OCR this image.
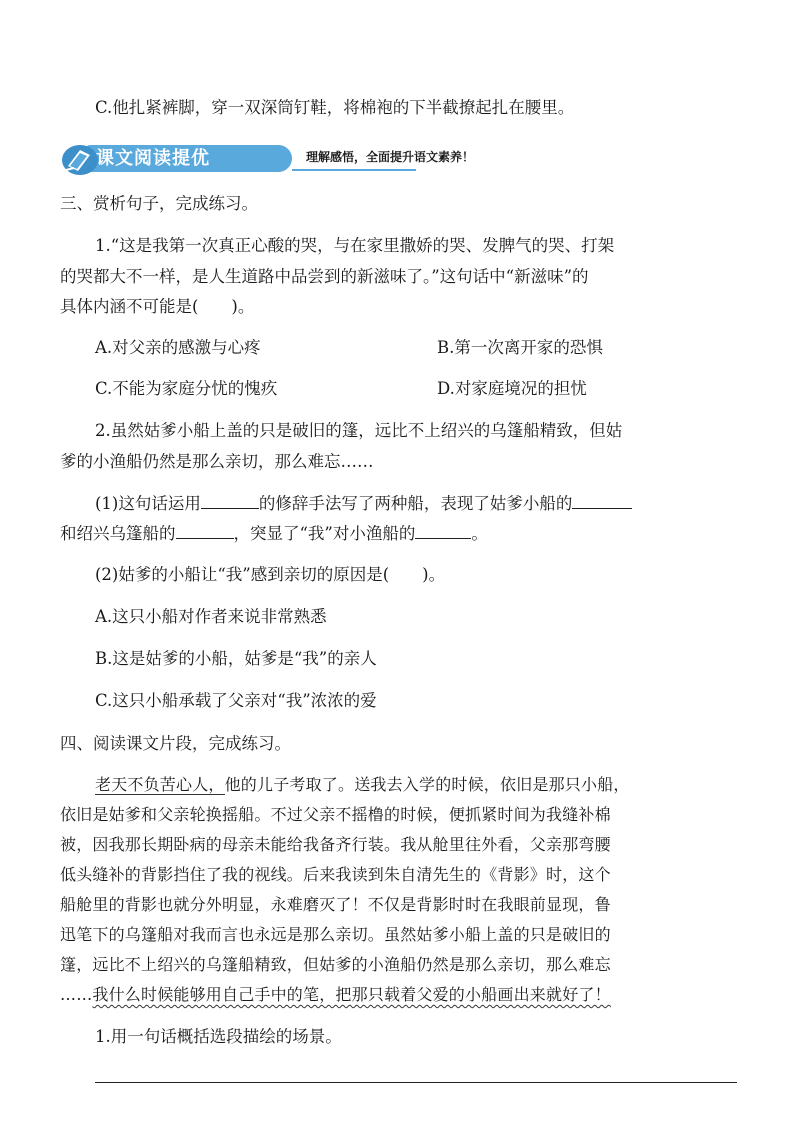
C.他扎紧裤脚，穿一双深筒钉鞋，将棉袍的下半截撩起扎在腰里。
课文阅读提优	理解感悟，全面提升语文素养！
三、赏析句子，完成练习。
1.“这是我第一次真正心酸的哭，与在家里撒娇的哭、发脾气的哭、打架
的哭都大不一样，是人生道路中品尝到的新滋味了。”这句话中“新滋味”的
具体内涵不可能是(　　)。
A.对父亲的感激与心疼	B.第一次离开家的恐惧
C.不能为家庭分忧的愧疚	D.对家庭境况的担忧
2.虽然姑爹小船上盖的只是破旧的篷，远比不上绍兴的乌篷船精致，但姑
爹的小渔船仍然是那么亲切，那么难忘……
(1)这句话运用	的修辞手法写了两种船，表现了姑爹小船的
和绍兴乌篷船的	，突显了“我”对小渔船的	。
(2)姑爹的小船让“我”感到亲切的原因是(　　)。
A.这只小船对作者来说非常熟悉
B.这是姑爹的小船，姑爹是“我”的亲人
C.这只小船承载了父亲对“我”浓浓的爱
四、阅读课文片段，完成练习。
老天不负苦心人，他的儿子考取了。送我去入学的时候，依旧是那只小船，
依旧是姑爹和父亲轮换摇船。不过父亲不摇橹的时候，便抓紧时间为我缝补棉
被，因我那长期卧病的母亲未能给我备齐行装。我从舱里往外看，父亲那弯腰
低头缝补的背影挡住了我的视线。后来我读到朱自清先生的《背影》时，这个
船舱里的背影也就分外明显，永难磨灭了！不仅是背影时时在我眼前显现，鲁
迅笔下的乌篷船对我而言也永远是那么亲切。虽然姑爹小船上盖的只是破旧的
篷，远比不上绍兴的乌篷船精致，但姑爹的小渔船仍然是那么亲切，那么难忘
……我什么时候能够用自己手中的笔，把那只载着父爱的小船画出来就好了！
1.用一句话概括选段描绘的场景。
